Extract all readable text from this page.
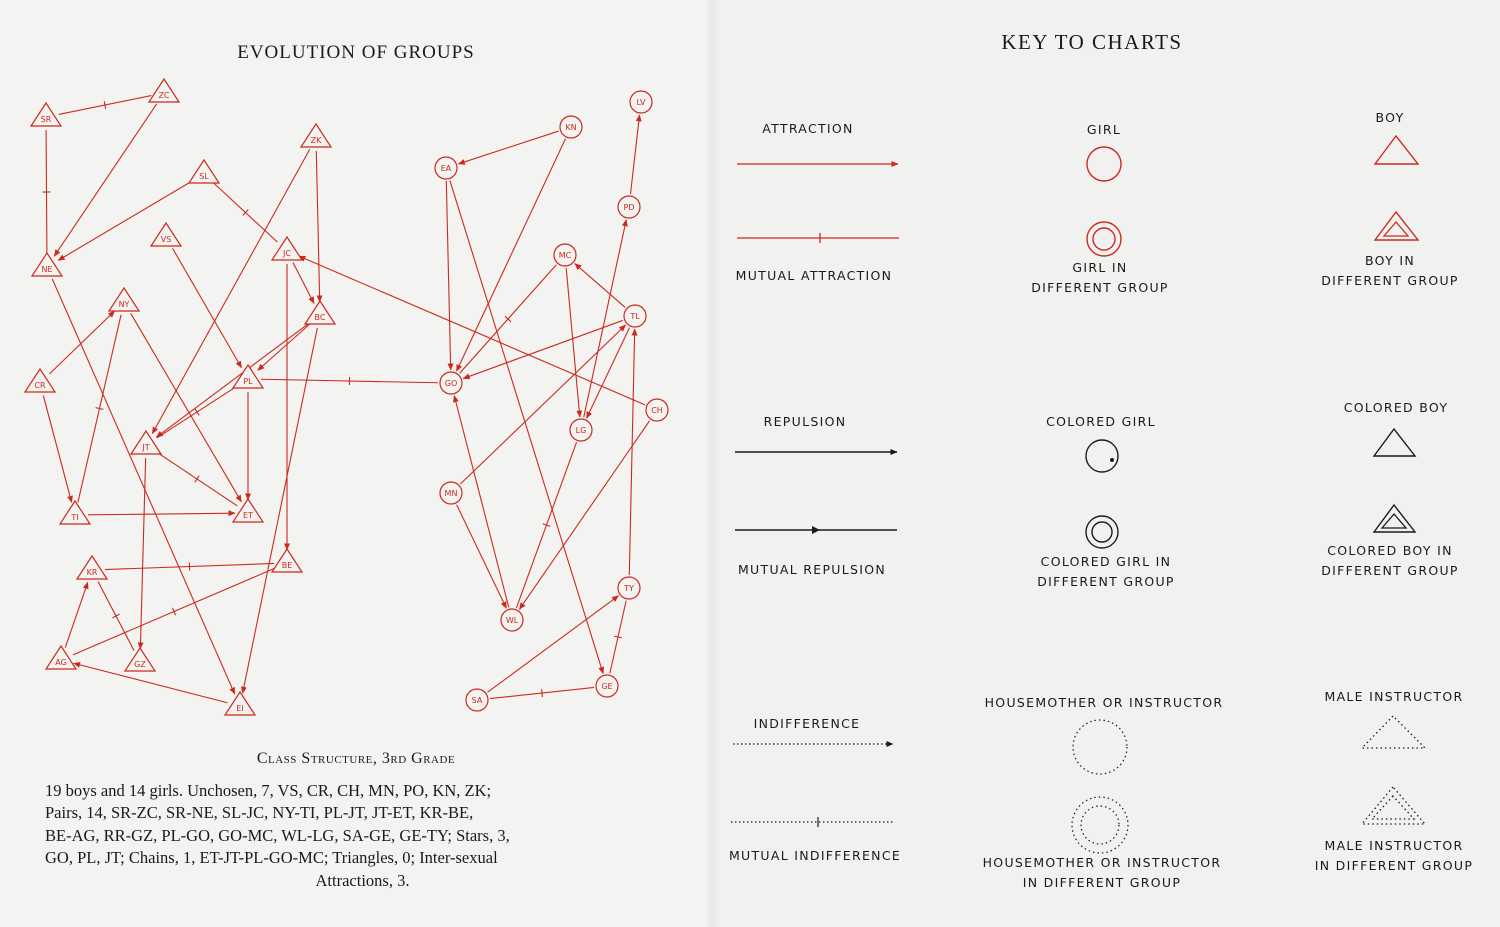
EVOLUTION OF GROUPS
SR
ZC
ZK
SL
NE
VS
JC
NY
BC
CR	PL
JT
TI	ET
KR
BE
AG	GZ
EI
LV
KN
EA
PD
MC
TL
GO
CH
LG
MN
TY
WL
GE
SA
Class Structure, 3rd Grade
19 boys and 14 girls. Unchosen, 7, VS, CR, CH, MN, PO, KN, ZK;
Pairs, 14, SR-ZC, SR-NE, SL-JC, NY-TI, PL-JT, JT-ET, KR-BE,
BE-AG, RR-GZ, PL-GO, GO-MC, WL-LG, SA-GE, GE-TY; Stars, 3,
GO, PL, JT; Chains, 1, ET-JT-PL-GO-MC; Triangles, 0; Inter-sexual
Attractions, 3.
KEY TO CHARTS
ATTRACTION
MUTUAL ATTRACTION
REPULSION
MUTUAL REPULSION
INDIFFERENCE
MUTUAL INDIFFERENCE
GIRL
GIRL IN
DIFFERENT GROUP
COLORED GIRL
COLORED GIRL IN
DIFFERENT GROUP
HOUSEMOTHER OR INSTRUCTOR
HOUSEMOTHER OR INSTRUCTOR
IN DIFFERENT GROUP
BOY
BOY IN
DIFFERENT GROUP
COLORED BOY
COLORED BOY IN
DIFFERENT GROUP
MALE INSTRUCTOR
MALE INSTRUCTOR
IN DIFFERENT GROUP
